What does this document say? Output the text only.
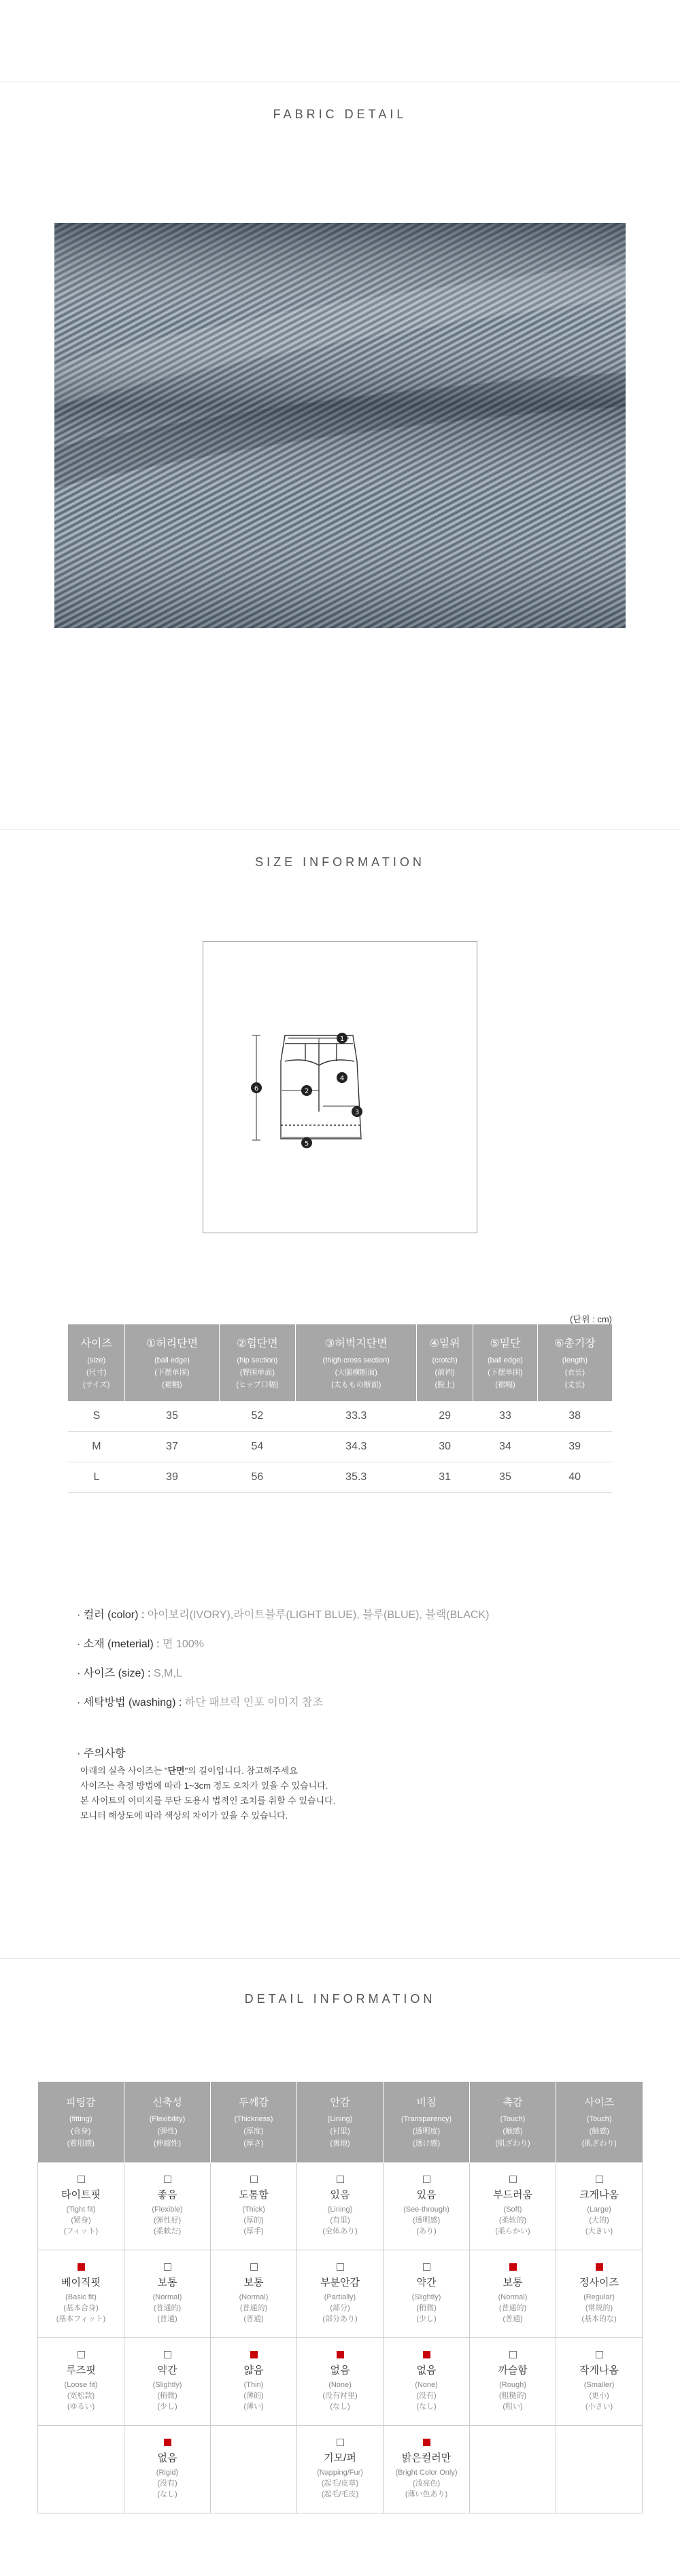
FABRIC DETAIL
SIZE INFORMATION
1
2
3
4
5
6
(단위 : cm)
사이즈
(size)
(尺寸)
(サイズ)	①허리단면
(ball edge)
(下摆单围)
(裾幅)	②힙단면
(hip section)
(臀围单面)
(ヒップ口幅)	③허벅지단면
(thigh cross section)
(大腿横断面)
(太ももの断面)	④밑위
(crotch)
(前裆)
(股上)	⑤밑단
(ball edge)
(下摆单围)
(裾幅)	⑥총기장
(length)
(衣长)
(丈长)

S	35	52	33.3	29	33	38
M	37	54	34.3	30	34	39
L	39	56	35.3	31	35	40
· 컬러 (color) : 아이보리(IVORY),라이트블루(LIGHT BLUE), 블루(BLUE), 블랙(BLACK)
· 소재 (meterial) : 면 100%
· 사이즈 (size) : S,M,L
· 세탁방법 (washing) : 하단 패브릭 인포 이미지 참조
· 주의사항
아래의 실측 사이즈는 "단면"의 길이입니다. 참고해주세요
사이즈는 측정 방법에 따라 1~3cm 정도 오차가 있을 수 있습니다.
본 사이트의 이미지를 무단 도용시 법적인 조치를 취할 수 있습니다.
모니터 해상도에 따라 색상의 차이가 있을 수 있습니다.
DETAIL INFORMATION
피팅감
(fitting)
(合身)
(着用感)	신축성
(Flexibility)
(弹性)
(伸縮性)	두께감
(Thickness)
(厚度)
(厚さ)	안감
(Lining)
(衬里)
(裏地)	비침
(Transparency)
(透明度)
(透け感)	촉감
(Touch)
(触感)
(肌ざわり)	사이즈
(Touch)
(触感)
(肌ざわり)

타이트핏
(Tight fit)
(紧身)
(フィット)	좋음
(Flexible)
(弹性好)
(柔軟だ)	도톰함
(Thick)
(厚的)
(厚手)	있음
(Lining)
(有里)
(全体あり)	있음
(See-through)
(透明感)
(あり)	부드러움
(Soft)
(柔软的)
(柔らかい)	크게나옴
(Large)
(大的)
(大きい)

베이직핏
(Basic fit)
(基本合身)
(基本フィット)	보통
(Normal)
(普通的)
(普通)	보통
(Normal)
(普通的)
(普通)	부분안감
(Partially)
(部分)
(部分あり)	약간
(Slightly)
(稍微)
(少し)	보통
(Normal)
(普通的)
(普通)	정사이즈
(Regular)
(常规的)
(基本的な)

루즈핏
(Loose fit)
(宽松款)
(ゆるい)	약간
(Slightly)
(稍微)
(少し)	얇음
(Thin)
(薄的)
(薄い)	없음
(None)
(没有衬里)
(なし)	없음
(None)
(没有)
(なし)	까슬함
(Rough)
(粗糙的)
(粗い)	작게나옴
(Smaller)
(更小)
(小さい)

	없음
(Rigid)
(没有)
(なし)		기모/퍼
(Napping/Fur)
(起毛/皮草)
(起毛/毛皮)	밝은컬러만
(Bright Color Only)
(浅亮色)
(薄い色あり)		
